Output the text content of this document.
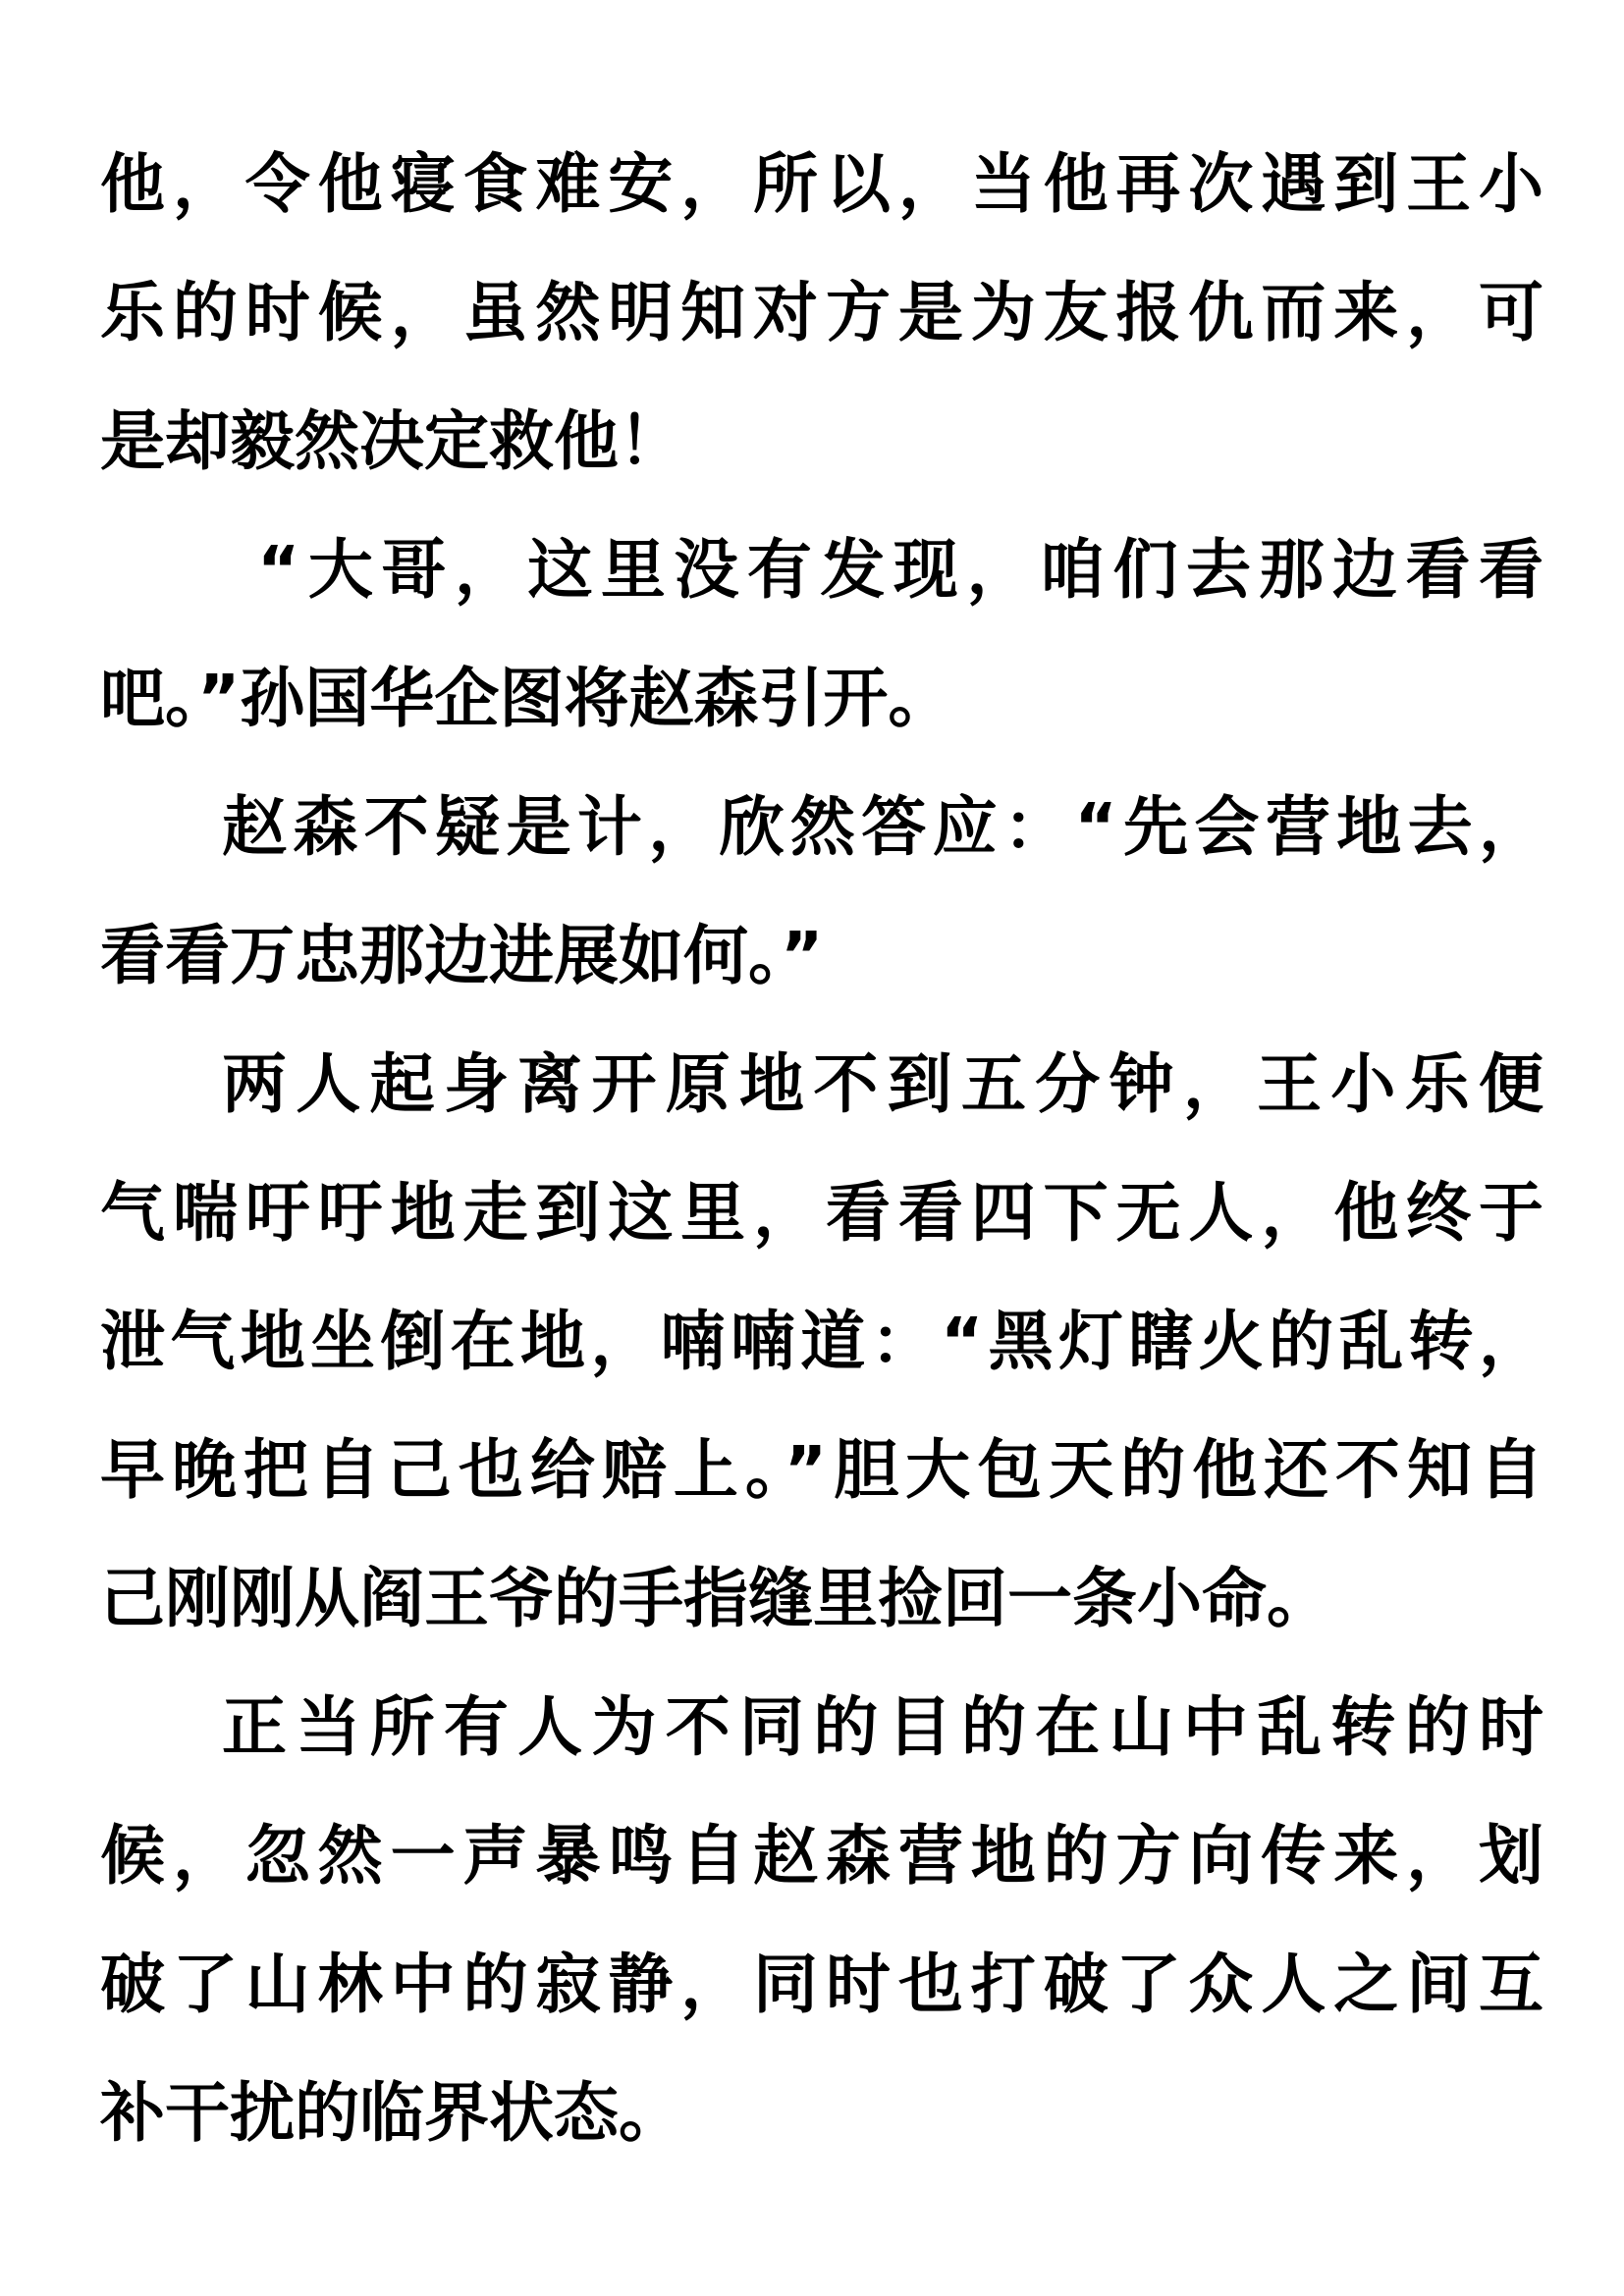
他，令他寝食难安，所以，当他再次遇到王小
乐的时候，虽然明知对方是为友报仇而来，可
是却毅然决定救他！
“大哥，这里没有发现，咱们去那边看看
吧。”孙国华企图将赵森引开。
赵森不疑是计，欣然答应：“先会营地去，
看看万忠那边进展如何。”
两人起身离开原地不到五分钟，王小乐便
气喘吁吁地走到这里，看看四下无人，他终于
泄气地坐倒在地，喃喃道：“黑灯瞎火的乱转，
早晚把自己也给赔上。”胆大包天的他还不知自
己刚刚从阎王爷的手指缝里捡回一条小命。
正当所有人为不同的目的在山中乱转的时
候，忽然一声暴鸣自赵森营地的方向传来，划
破了山林中的寂静，同时也打破了众人之间互
补干扰的临界状态。
